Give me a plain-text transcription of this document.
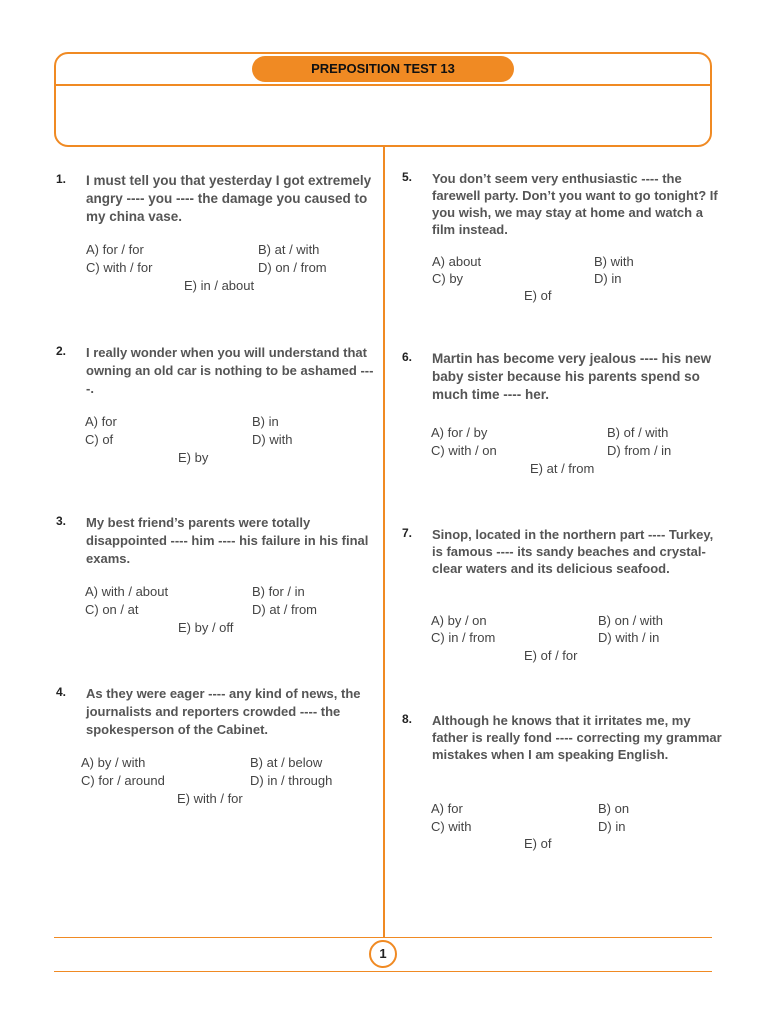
PREPOSITION TEST 13
1. I must tell you that yesterday I got extremely angry ---- you ---- the damage you caused to my china vase.
A) for / for	B) at / with
C) with / for	D) on / from
E) in / about
2. I really wonder when you will understand that owning an old car is nothing to be ashamed ----.
A) for	B) in
C) of	D) with
E) by
3. My best friend’s parents were totally disappointed ---- him ---- his failure in his final exams.
A) with / about	B) for / in
C) on / at	D) at / from
E) by / off
4. As they were eager ---- any kind of news, the journalists and reporters crowded ---- the spokesperson of the Cabinet.
A) by / with	B) at / below
C) for / around	D) in / through
E) with / for
5. You don’t seem very enthusiastic ---- the farewell party. Don’t you want to go tonight? If you wish, we may stay at home and watch a film instead.
A) about	B) with
C) by	D) in
E) of
6. Martin has become very jealous ---- his new baby sister because his parents spend so much time ---- her.
A) for / by	B) of / with
C) with / on	D) from / in
E) at / from
7. Sinop, located in the northern part ---- Turkey, is famous ---- its sandy beaches and crystal-clear waters and its delicious seafood.
A) by / on	B) on / with
C) in / from	D) with / in
E) of / for
8. Although he knows that it irritates me, my father is really fond ---- correcting my grammar mistakes when I am speaking English.
A) for	B) on
C) with	D) in
E) of
1
